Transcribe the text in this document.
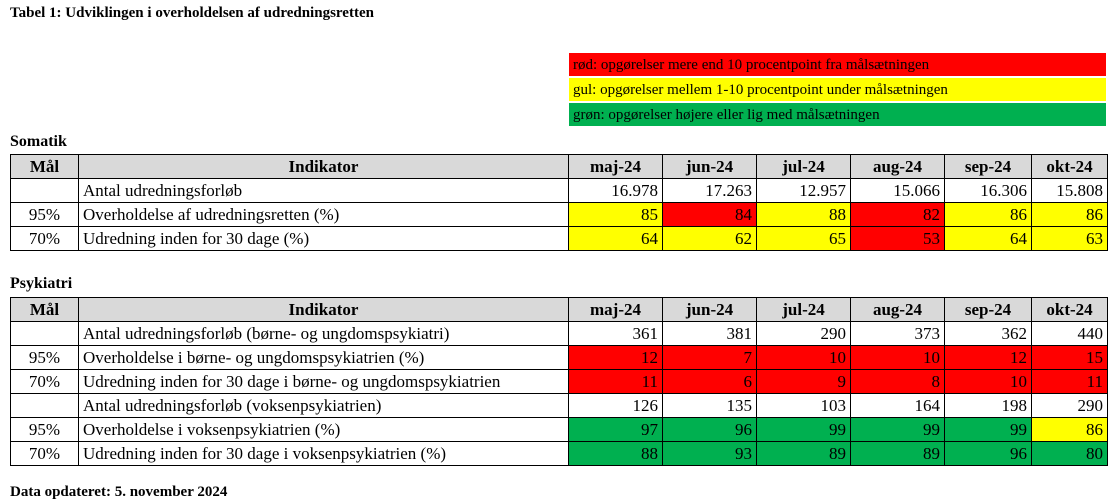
Tabel 1: Udviklingen i overholdelsen af udredningsretten
rød: opgørelser mere end 10 procentpoint fra målsætningen
gul: opgørelser mellem 1-10 procentpoint under målsætningen
grøn: opgørelser højere eller lig med målsætningen
Somatik
Mål	Indikator	maj-24	jun-24	jul-24	aug-24	sep-24	okt-24
	Antal udredningsforløb	16.978	17.263	12.957	15.066	16.306	15.808
95%	Overholdelse af udredningsretten (%)	85	84	88	82	86	86
70%	Udredning inden for 30 dage (%)	64	62	65	53	64	63
Psykiatri
Mål	Indikator	maj-24	jun-24	jul-24	aug-24	sep-24	okt-24
	Antal udredningsforløb (børne- og ungdomspsykiatri)	361	381	290	373	362	440
95%	Overholdelse i børne- og ungdomspsykiatrien (%)	12	7	10	10	12	15
70%	Udredning inden for 30 dage i børne- og ungdomspsykiatrien	11	6	9	8	10	11
	Antal udredningsforløb (voksenpsykiatrien)	126	135	103	164	198	290
95%	Overholdelse i voksenpsykiatrien (%)	97	96	99	99	99	86
70%	Udredning inden for 30 dage i voksenpsykiatrien (%)	88	93	89	89	96	80
Data opdateret: 5. november 2024
